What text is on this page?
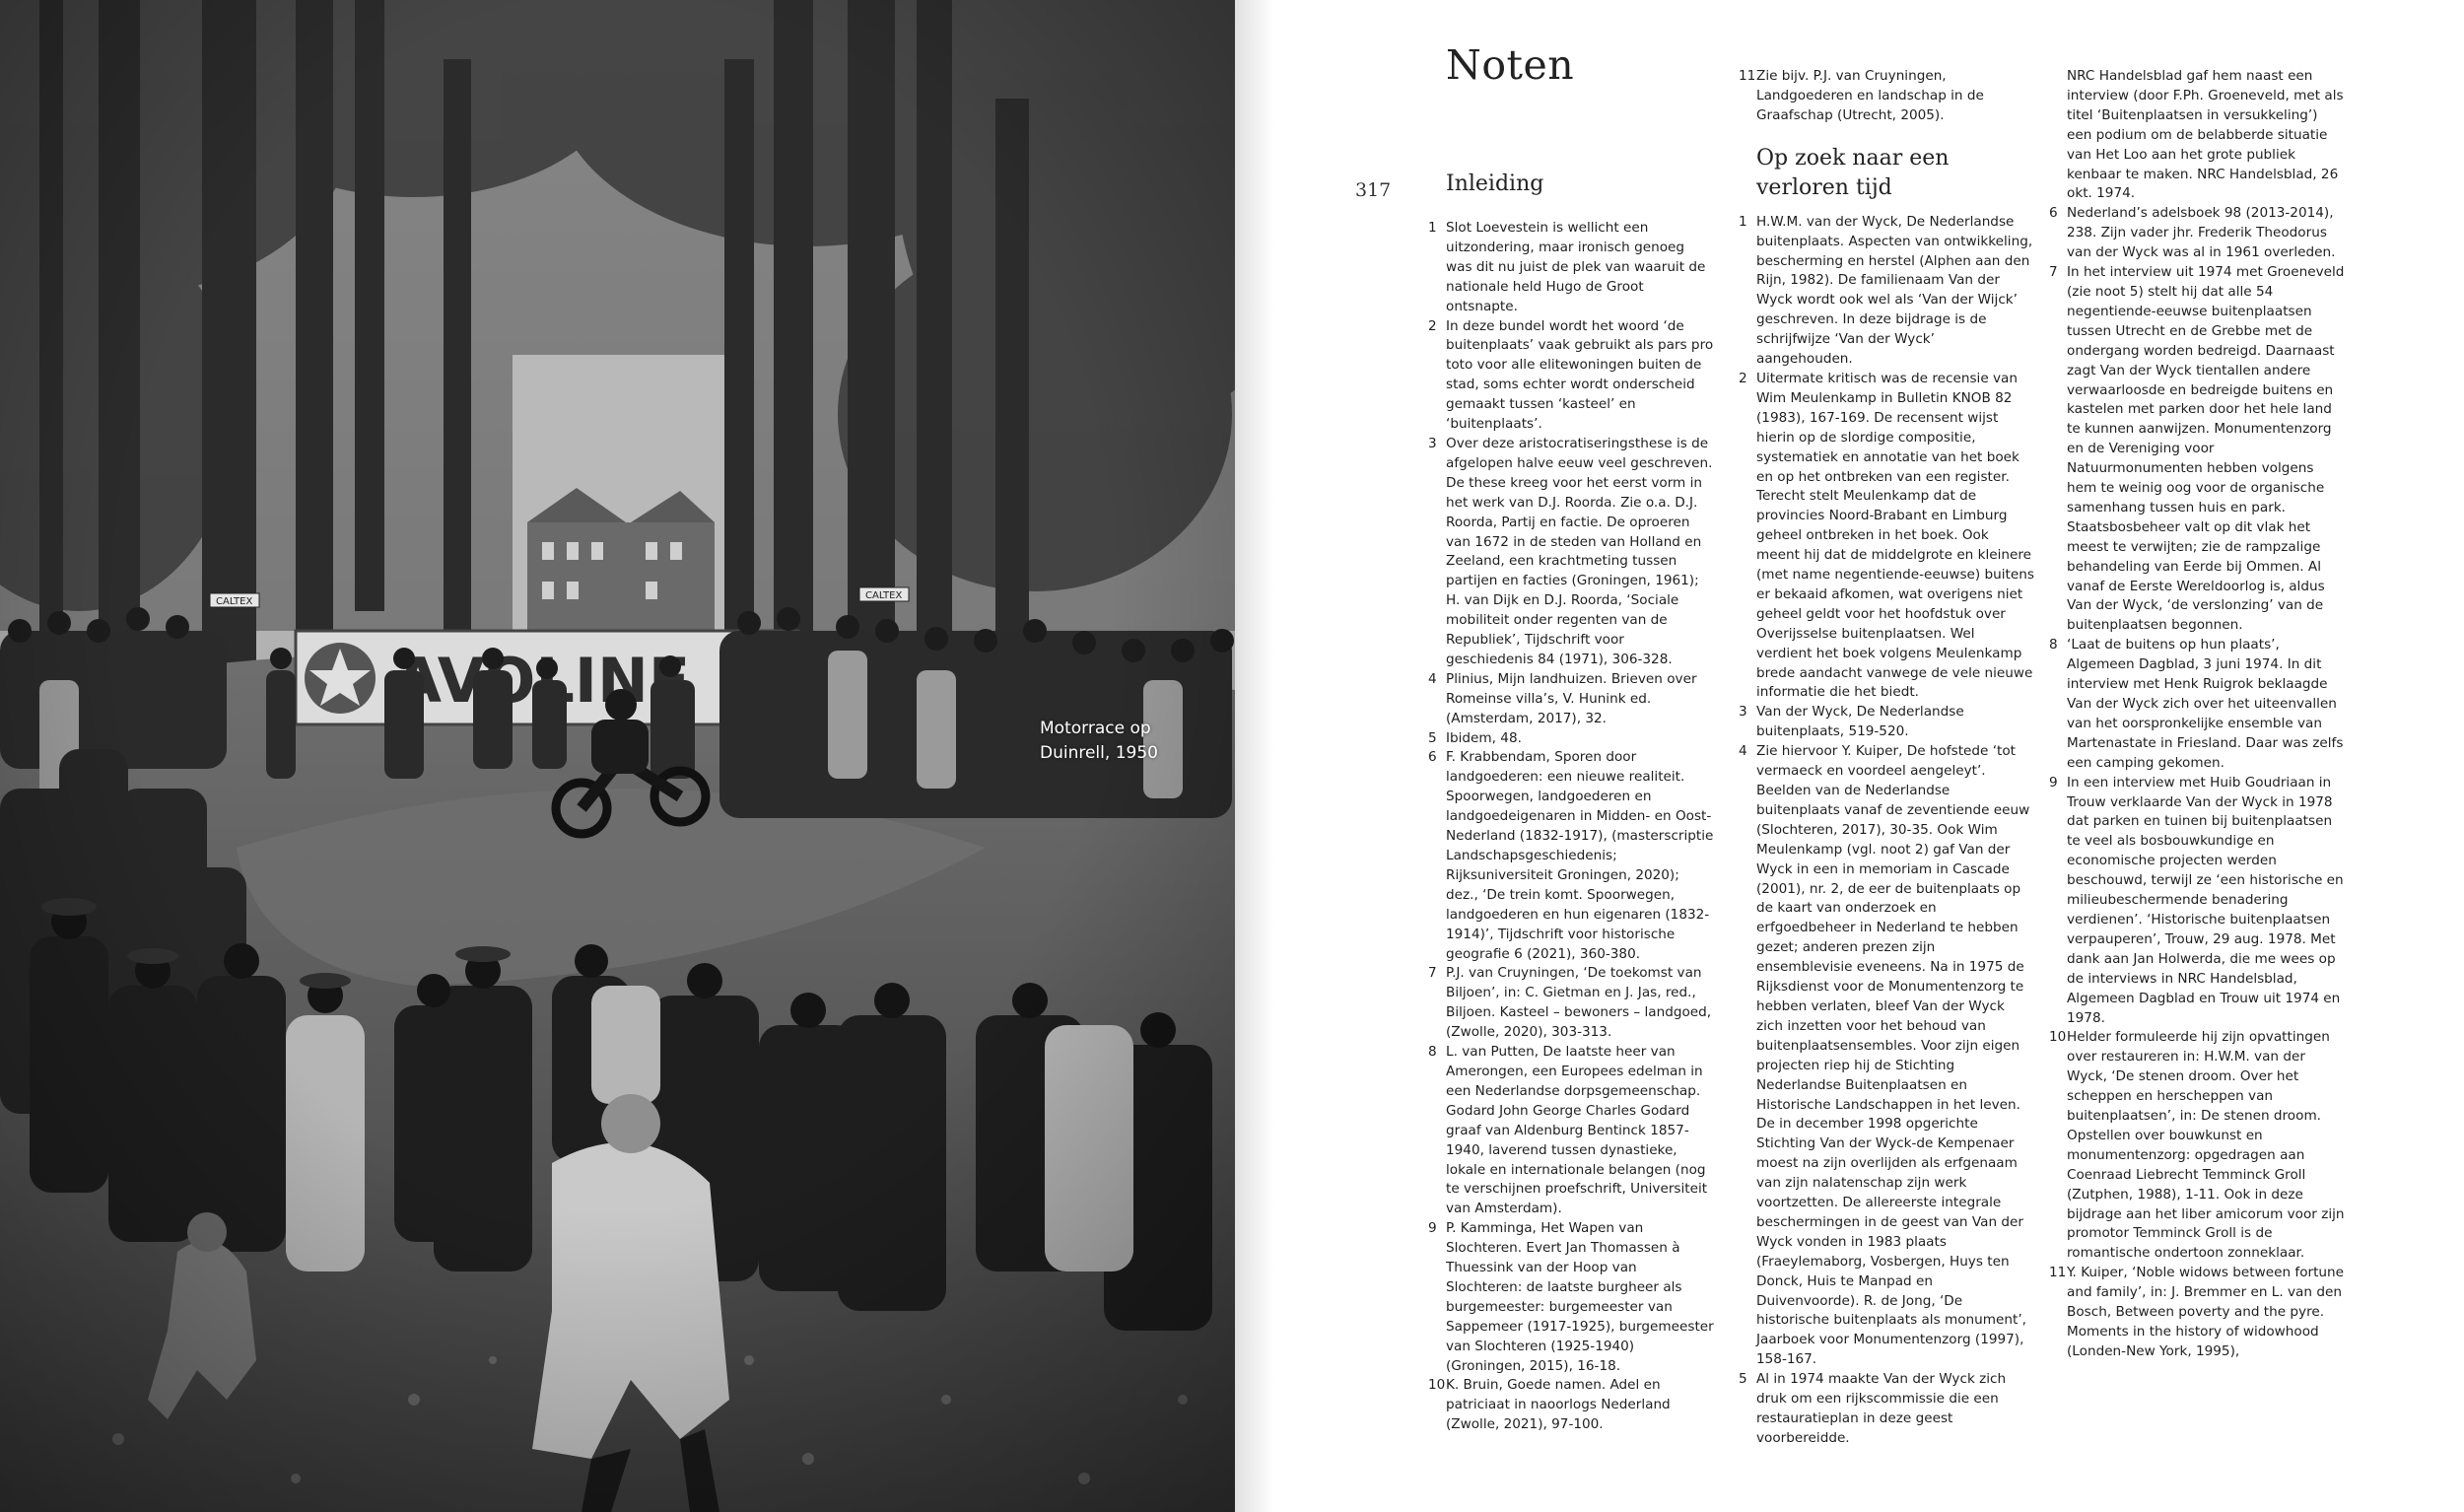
Motorrace op
Duinrell, 1950
Noten
317	Inleiding
1 Slot Loevestein is wellicht een uitzondering, maar ironisch genoeg was dit nu juist de plek van waaruit de nationale held Hugo de Groot ontsnapte.
2 In deze bundel wordt het woord ‘de buitenplaats’ vaak gebruikt als pars pro toto voor alle elitewoningen buiten de stad, soms echter wordt onderscheid gemaakt tussen ‘kasteel’ en ‘buitenplaats’.
3 Over deze aristocratiseringsthese is de afgelopen halve eeuw veel geschreven. De these kreeg voor het eerst vorm in het werk van D.J. Roorda. Zie o.a. D.J. Roorda, Partij en factie. De oproeren van 1672 in de steden van Holland en Zeeland, een krachtmeting tussen partijen en facties (Groningen, 1961); H. van Dijk en D.J. Roorda, ‘Sociale mobiliteit onder regenten van de Republiek’, Tijdschrift voor geschiedenis 84 (1971), 306-328.
4 Plinius, Mijn landhuizen. Brieven over Romeinse villa’s, V. Hunink ed. (Amsterdam, 2017), 32.
5 Ibidem, 48.
6 F. Krabbendam, Sporen door landgoederen: een nieuwe realiteit. Spoorwegen, landgoederen en landgoedeigenaren in Midden- en Oost-Nederland (1832-1917), (masterscriptie Landschapsgeschiedenis; Rijksuniversiteit Groningen, 2020); dez., ‘De trein komt. Spoorwegen, landgoederen en hun eigenaren (1832-1914)’, Tijdschrift voor historische geografie 6 (2021), 360-380.
7 P.J. van Cruyningen, ‘De toekomst van Biljoen’, in: C. Gietman en J. Jas, red., Biljoen. Kasteel – bewoners – landgoed, (Zwolle, 2020), 303-313.
8 L. van Putten, De laatste heer van Amerongen, een Europees edelman in een Nederlandse dorpsgemeenschap. Godard John George Charles Godard graaf van Aldenburg Bentinck 1857-1940, laverend tussen dynastieke, lokale en internationale belangen (nog te verschijnen proefschrift, Universiteit van Amsterdam).
9 P. Kamminga, Het Wapen van Slochteren. Evert Jan Thomassen à Thuessink van der Hoop van Slochteren: de laatste burgheer als burgemeester: burgemeester van Sappemeer (1917-1925), burgemeester van Slochteren (1925-1940) (Groningen, 2015), 16-18.
10 K. Bruin, Goede namen. Adel en patriciaat in naoorlogs Nederland (Zwolle, 2021), 97-100.
11 Zie bijv. P.J. van Cruyningen, Landgoederen en landschap in de Graafschap (Utrecht, 2005).
Op zoek naar een
verloren tijd
1 H.W.M. van der Wyck, De Nederlandse buitenplaats. Aspecten van ontwikkeling, bescherming en herstel (Alphen aan den Rijn, 1982). De familienaam Van der Wyck wordt ook wel als ‘Van der Wijck’ geschreven. In deze bijdrage is de schrijfwijze ‘Van der Wyck’ aangehouden.
2 Uitermate kritisch was de recensie van Wim Meulenkamp in Bulletin KNOB 82 (1983), 167-169. De recensent wijst hierin op de slordige compositie, systematiek en annotatie van het boek en op het ontbreken van een register. Terecht stelt Meulenkamp dat de provincies Noord-Brabant en Limburg geheel ontbreken in het boek. Ook meent hij dat de middelgrote en kleinere (met name negentiende-eeuwse) buitens er bekaaid afkomen, wat overigens niet geheel geldt voor het hoofdstuk over Overijsselse buitenplaatsen. Wel verdient het boek volgens Meulenkamp brede aandacht vanwege de vele nieuwe informatie die het biedt.
3 Van der Wyck, De Nederlandse buitenplaats, 519-520.
4 Zie hiervoor Y. Kuiper, De hofstede ‘tot vermaeck en voordeel aengeleyt’. Beelden van de Nederlandse buitenplaats vanaf de zeventiende eeuw (Slochteren, 2017), 30-35. Ook Wim Meulenkamp (vgl. noot 2) gaf Van der Wyck in een in memoriam in Cascade (2001), nr. 2, de eer de buitenplaats op de kaart van onderzoek en erfgoedbeheer in Nederland te hebben gezet; anderen prezen zijn ensemblevisie eveneens. Na in 1975 de Rijksdienst voor de Monumentenzorg te hebben verlaten, bleef Van der Wyck zich inzetten voor het behoud van buitenplaatsensembles. Voor zijn eigen projecten riep hij de Stichting Nederlandse Buitenplaatsen en Historische Landschappen in het leven. De in december 1998 opgerichte Stichting Van der Wyck-de Kempenaer moest na zijn overlijden als erfgenaam van zijn nalatenschap zijn werk voortzetten. De allereerste integrale beschermingen in de geest van Van der Wyck vonden in 1983 plaats (Fraeylemaborg, Vosbergen, Huys ten Donck, Huis te Manpad en Duivenvoorde). R. de Jong, ‘De historische buitenplaats als monument’, Jaarboek voor Monumentenzorg (1997), 158-167.
5 Al in 1974 maakte Van der Wyck zich druk om een rijkscommissie die een restauratieplan in deze geest voorbereidde.
NRC Handelsblad gaf hem naast een interview (door F.Ph. Groeneveld, met als titel ‘Buitenplaatsen in versukkeling’) een podium om de belabberde situatie van Het Loo aan het grote publiek kenbaar te maken. NRC Handelsblad, 26 okt. 1974.
6 Nederland’s adelsboek 98 (2013-2014), 238. Zijn vader jhr. Frederik Theodorus van der Wyck was al in 1961 overleden.
7 In het interview uit 1974 met Groeneveld (zie noot 5) stelt hij dat alle 54 negentiende-eeuwse buitenplaatsen tussen Utrecht en de Grebbe met de ondergang worden bedreigd. Daarnaast zagt Van der Wyck tientallen andere verwaarloosde en bedreigde buitens en kastelen met parken door het hele land te kunnen aanwijzen. Monumentenzorg en de Vereniging voor Natuurmonumenten hebben volgens hem te weinig oog voor de organische samenhang tussen huis en park. Staatsbosbeheer valt op dit vlak het meest te verwijten; zie de rampzalige behandeling van Eerde bij Ommen. Al vanaf de Eerste Wereldoorlog is, aldus Van der Wyck, ‘de verslonzing’ van de buitenplaatsen begonnen.
8 ‘Laat de buitens op hun plaats’, Algemeen Dagblad, 3 juni 1974. In dit interview met Henk Ruigrok beklaagde Van der Wyck zich over het uiteenvallen van het oorspronkelijke ensemble van Martenastate in Friesland. Daar was zelfs een camping gekomen.
9 In een interview met Huib Goudriaan in Trouw verklaarde Van der Wyck in 1978 dat parken en tuinen bij buitenplaatsen te veel als bosbouwkundige en economische projecten werden beschouwd, terwijl ze ‘een historische en milieubeschermende benadering verdienen’. ‘Historische buitenplaatsen verpauperen’, Trouw, 29 aug. 1978. Met dank aan Jan Holwerda, die me wees op de interviews in NRC Handelsblad, Algemeen Dagblad en Trouw uit 1974 en 1978.
10 Helder formuleerde hij zijn opvattingen over restaureren in: H.W.M. van der Wyck, ‘De stenen droom. Over het scheppen en herscheppen van buitenplaatsen’, in: De stenen droom. Opstellen over bouwkunst en monumentenzorg: opgedragen aan Coenraad Liebrecht Temminck Groll (Zutphen, 1988), 1-11. Ook in deze bijdrage aan het liber amicorum voor zijn promotor Temminck Groll is de romantische ondertoon zonneklaar.
11 Y. Kuiper, ‘Noble widows between fortune and family’, in: J. Bremmer en L. van den Bosch, Between poverty and the pyre. Moments in the history of widowhood (Londen-New York, 1995),
